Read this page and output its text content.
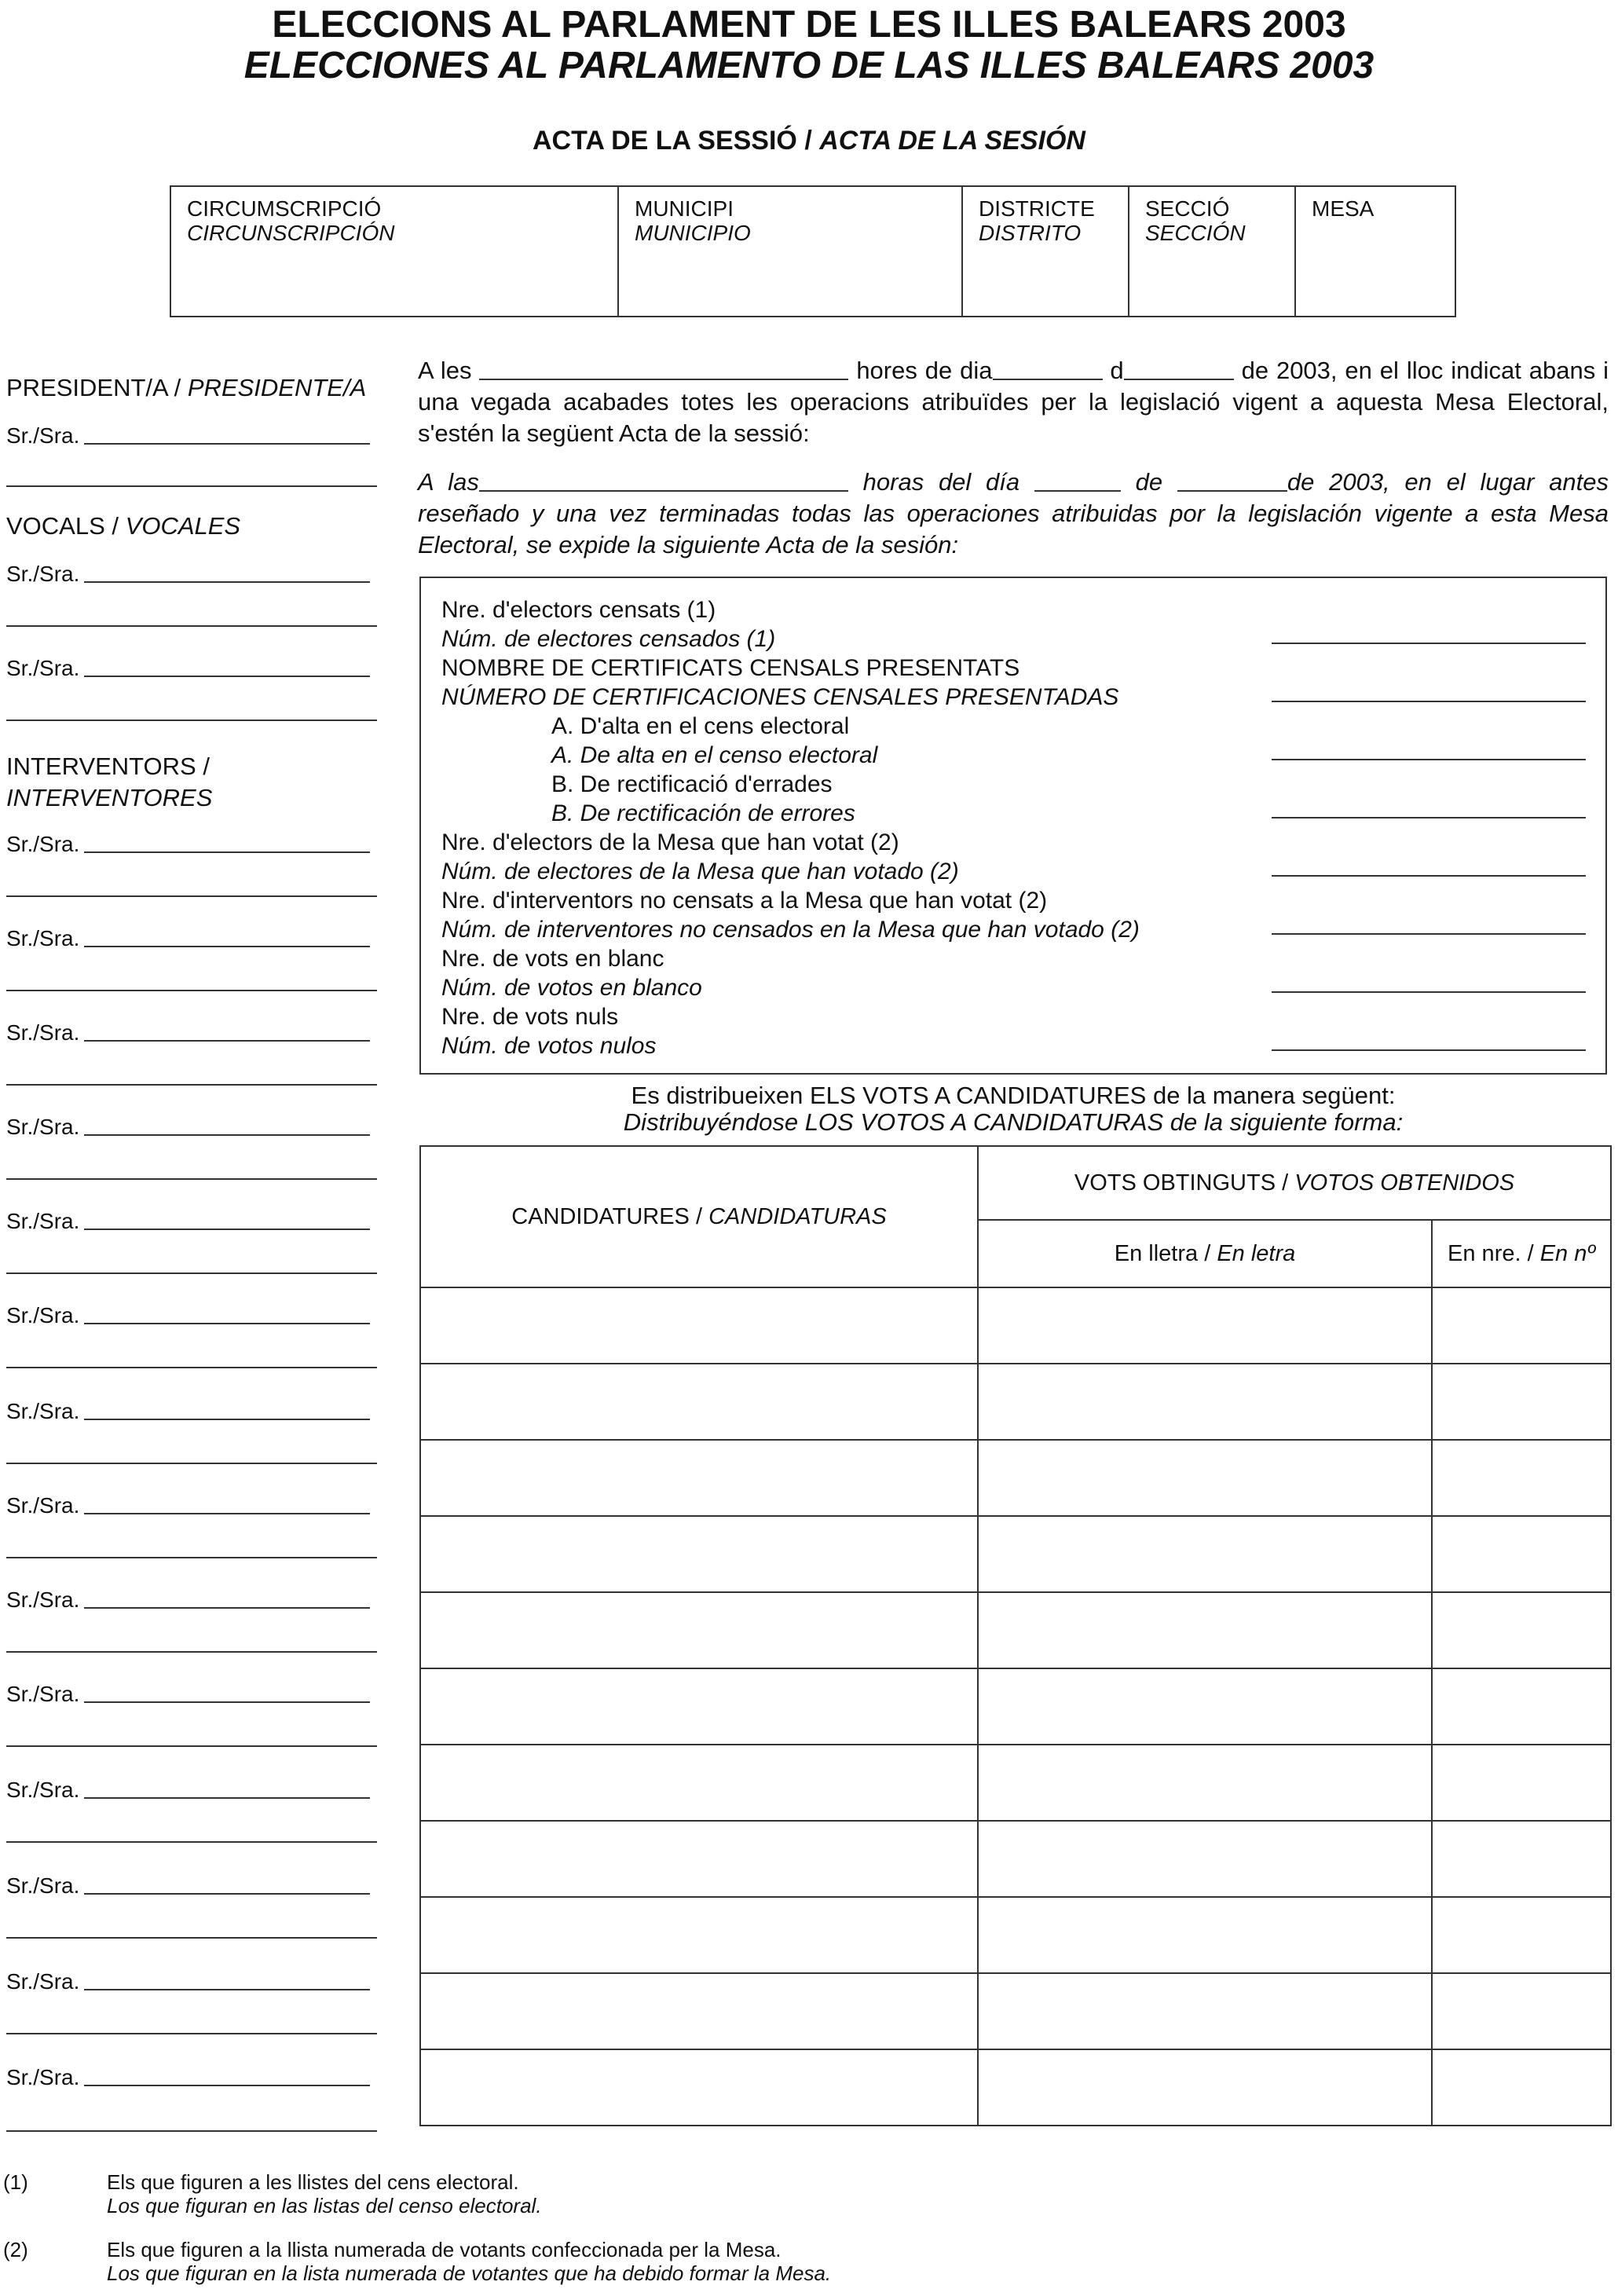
ELECCIONS AL PARLAMENT DE LES ILLES BALEARS 2003
ELECCIONES AL PARLAMENTO DE LAS ILLES BALEARS 2003
ACTA DE LA SESSIÓ / ACTA DE LA SESIÓN
CIRCUMSCRIPCIÓ
CIRCUNSCRIPCIÓN
MUNICIPI
MUNICIPIO
DISTRICTE
DISTRITO
SECCIÓ
SECCIÓN
MESA
PRESIDENT/A / PRESIDENTE/A
Sr./Sra.
VOCALS / VOCALES
Sr./Sra.
Sr./Sra.
INTERVENTORS /
INTERVENTORES
Sr./Sra.
Sr./Sra.
Sr./Sra.
Sr./Sra.
Sr./Sra.
Sr./Sra.
Sr./Sra.
Sr./Sra.
Sr./Sra.
Sr./Sra.
Sr./Sra.
Sr./Sra.
Sr./Sra.
Sr./Sra.
A les	hores de dia	d	de 2003, en el lloc indicat abans i una vegada acabades totes les operacions atribuïdes per la legislació vigent a aquesta Mesa Electoral, s'estén la següent Acta de la sessió:
A las	horas del día	de	de 2003, en el lugar antes reseñado y una vez terminadas todas las operaciones atribuidas por la legislación vigente a esta Mesa Electoral, se expide la siguiente Acta de la sesión:
Nre. d'electors censats (1)
Núm. de electores censados (1)
NOMBRE DE CERTIFICATS CENSALS PRESENTATS
NÚMERO DE CERTIFICACIONES CENSALES PRESENTADAS
A. D'alta en el cens electoral
A. De alta en el censo electoral
B. De rectificació d'errades
B. De rectificación de errores
Nre. d'electors de la Mesa que han votat (2)
Núm. de electores de la Mesa que han votado (2)
Nre. d'interventors no censats a la Mesa que han votat (2)
Núm. de interventores no censados en la Mesa que han votado (2)
Nre. de vots en blanc
Núm. de votos en blanco
Nre. de vots nuls
Núm. de votos nulos
Es distribueixen ELS VOTS A CANDIDATURES de la manera següent:
Distribuyéndose LOS VOTOS A CANDIDATURAS de la siguiente forma:
CANDIDATURES / CANDIDATURAS	VOTS OBTINGUTS / VOTOS OBTENIDOS	
	En lletra / En letra	En nre. / En nº

(1)	Els que figuren a les llistes del cens electoral.
Los que figuran en las listas del censo electoral.
(2)	Els que figuren a la llista numerada de votants confeccionada per la Mesa.
Los que figuran en la lista numerada de votantes que ha debido formar la Mesa.
